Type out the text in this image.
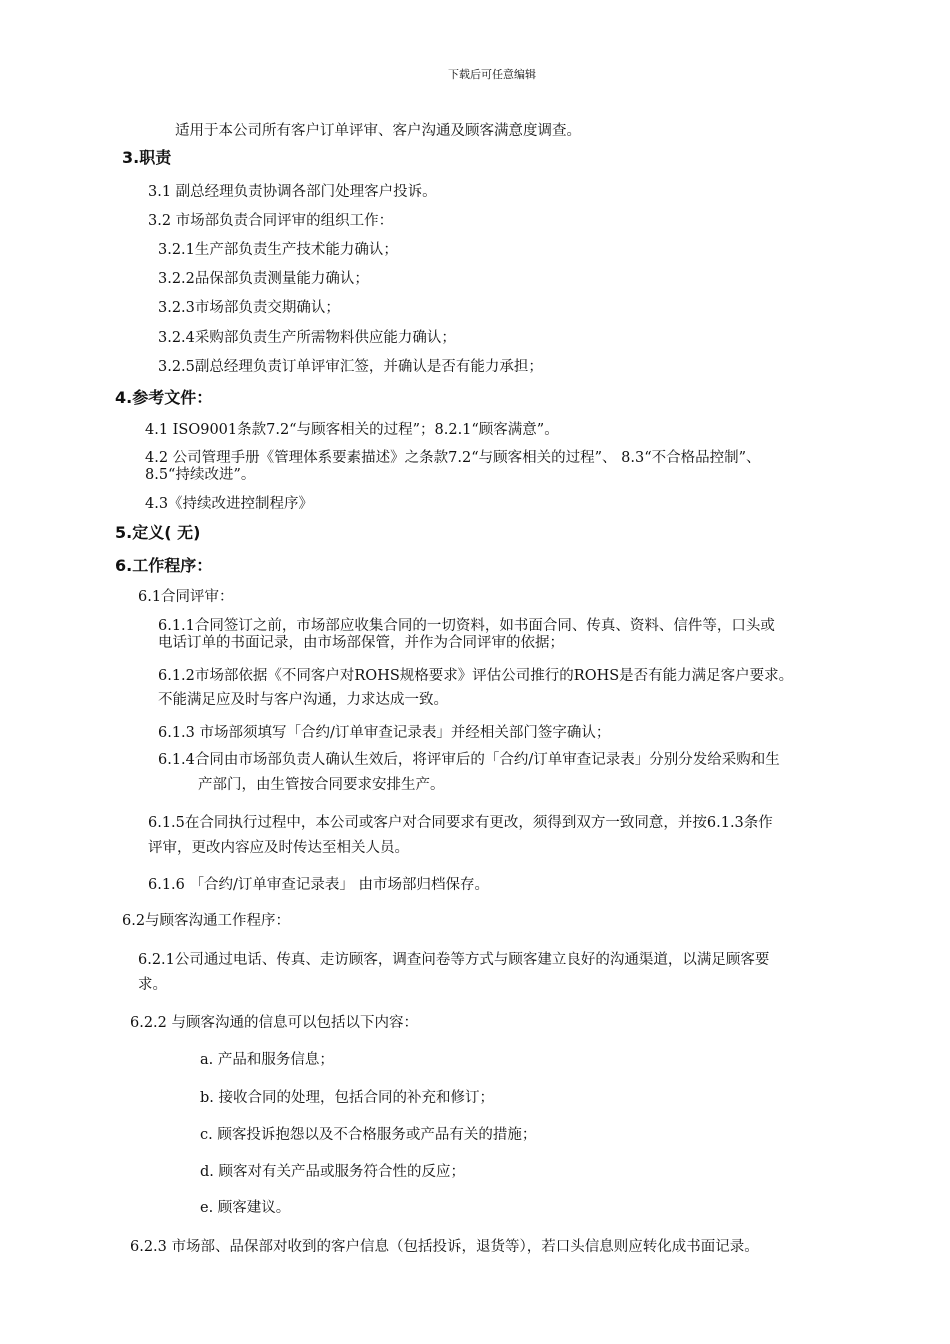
下载后可任意编辑
适用于本公司所有客户订单评审、客户沟通及顾客满意度调查。
3.职责
3.1 副总经理负责协调各部门处理客户投诉。
3.2 市场部负责合同评审的组织工作：
3.2.1生产部负责生产技术能力确认；
3.2.2品保部负责测量能力确认；
3.2.3市场部负责交期确认；
3.2.4采购部负责生产所需物料供应能力确认；
3.2.5副总经理负责订单评审汇签，并确认是否有能力承担；
4.参考文件：
4.1 ISO9001条款7.2“与顾客相关的过程”；8.2.1“顾客满意”。
4.2 公司管理手册《管理体系要素描述》之条款7.2“与顾客相关的过程”、 8.3“不合格品控制”、
8.5“持续改进”。
4.3《持续改进控制程序》
5.定义( 无)
6.工作程序：
6.1合同评审：
6.1.1合同签订之前，市场部应收集合同的一切资料，如书面合同、传真、资料、信件等，口头或
电话订单的书面记录，由市场部保管，并作为合同评审的依据；
6.1.2市场部依据《不同客户对ROHS规格要求》评估公司推行的ROHS是否有能力满足客户要求。
不能满足应及时与客户沟通，力求达成一致。
6.1.3 市场部须填写「合约/订单审查记录表」并经相关部门签字确认；
6.1.4合同由市场部负责人确认生效后，将评审后的「合约/订单审查记录表」分别分发给采购和生
产部门，由生管按合同要求安排生产。
6.1.5在合同执行过程中，本公司或客户对合同要求有更改，须得到双方一致同意，并按6.1.3条作
评审，更改内容应及时传达至相关人员。
6.1.6 「合约/订单审查记录表」 由市场部归档保存。
6.2与顾客沟通工作程序：
6.2.1公司通过电话、传真、走访顾客，调查问卷等方式与顾客建立良好的沟通渠道，以满足顾客要
求。
6.2.2 与顾客沟通的信息可以包括以下内容：
a. 产品和服务信息；
b. 接收合同的处理，包括合同的补充和修订；
c. 顾客投诉抱怨以及不合格服务或产品有关的措施；
d. 顾客对有关产品或服务符合性的反应；
e. 顾客建议。
6.2.3 市场部、品保部对收到的客户信息（包括投诉，退货等），若口头信息则应转化成书面记录。
